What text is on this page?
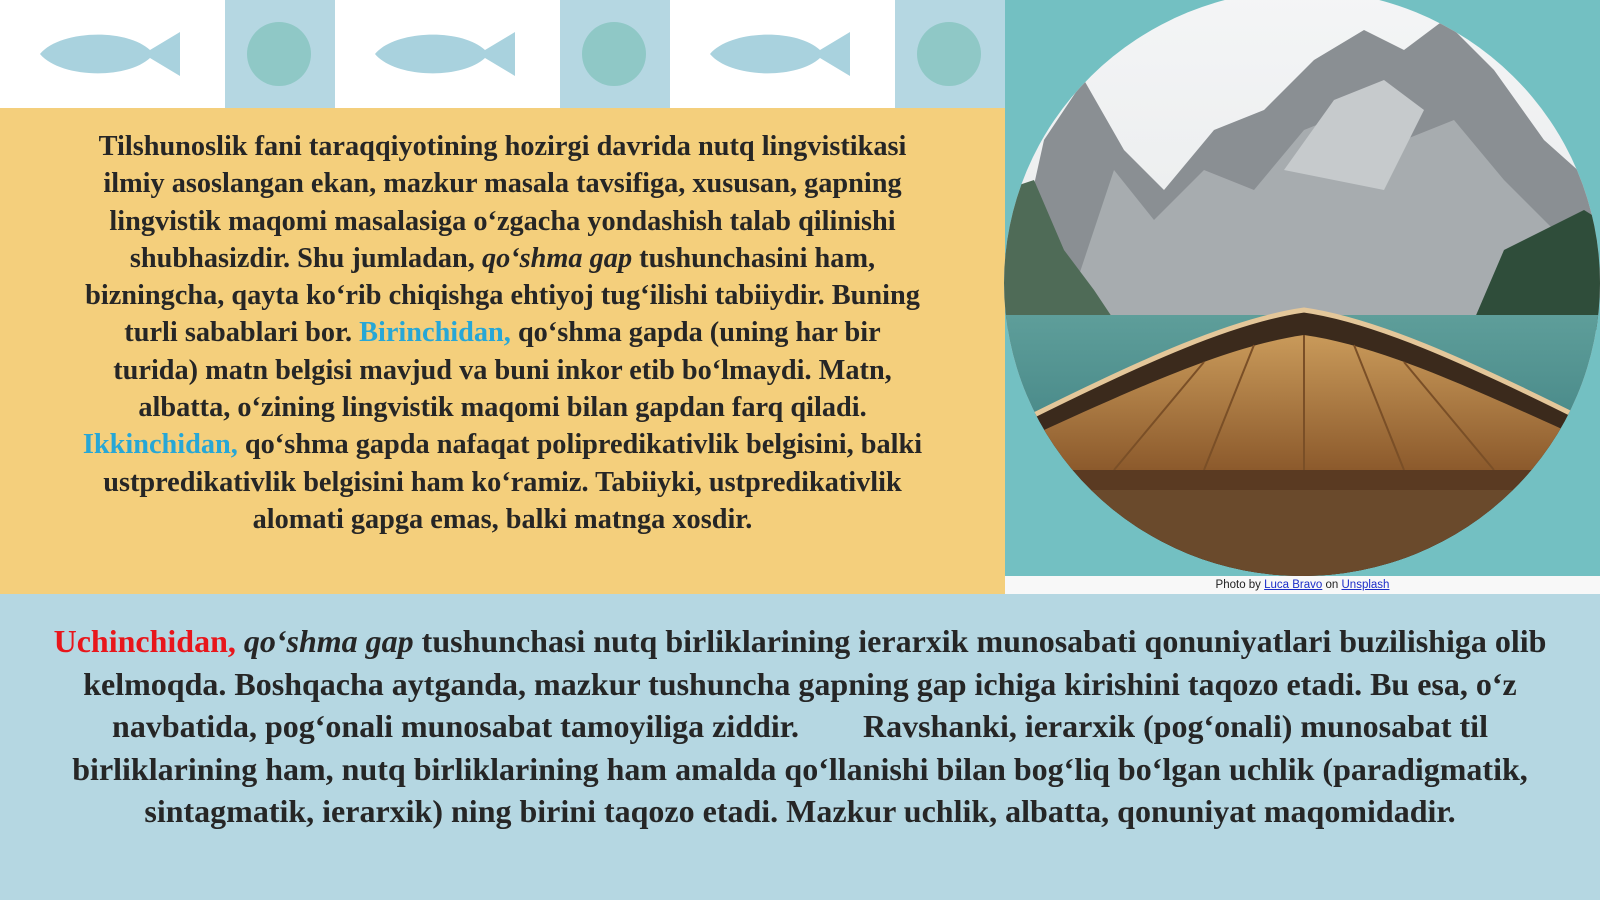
Tilshunoslik fani taraqqiyotining hozirgi davrida nutq lingvistikasi ilmiy asoslangan ekan, mazkur masala tavsifiga, xususan, gapning lingvistik maqomi masalasiga o‘zgacha yondashish talab qilinishi shubhasizdir. Shu jumladan, qo‘shma gap tushunchasini ham, bizningcha, qayta ko‘rib chiqishga ehtiyoj tug‘ilishi tabiiydir. Buning turli sabablari bor. Birinchidan, qo‘shma gapda (uning har bir turida) matn belgisi mavjud va buni inkor etib bo‘lmaydi. Matn, albatta, o‘zining lingvistik maqomi bilan gapdan farq qiladi. Ikkinchidan, qo‘shma gapda nafaqat polipredikativlik belgisini, balki ustpredikativlik belgisini ham ko‘ramiz. Tabiiyki, ustpredikativlik alomati gapga emas, balki matnga xosdir.

Photo by Luca Bravo on Unsplash

Uchinchidan, qo‘shma gap tushunchasi nutq birliklarining ierarxik munosabati qonuniyatlari buzilishiga olib kelmoqda. Boshqacha aytganda, mazkur tushuncha gapning gap ichiga kirishini taqozo etadi. Bu esa, o‘z navbatida, pog‘onali munosabat tamoyiliga ziddir. Ravshanki, ierarxik (pog‘onali) munosabat til birliklarining ham, nutq birliklarining ham amalda qo‘llanishi bilan bog‘liq bo‘lgan uchlik (paradigmatik, sintagmatik, ierarxik) ning birini taqozo etadi. Mazkur uchlik, albatta, qonuniyat maqomidadir.
